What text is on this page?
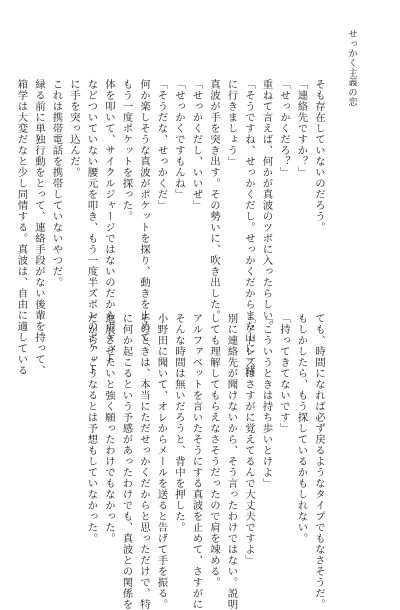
せっかく主義の恋
そも存在していないのだろう。
「連絡先ですか？」
「せっかくだろ？」
重ねて言えば、何かが真波のツボに入ったらしい。
「そうですね、せっかくだし。せっかくだからまた山に一緒
に行きましょう」
真波が手を突き出す。その勢いに、吹き出した。
「せっかくだし、いいぜ」
「せっかくですもんね」
「そうだな、せっかくだ」
何か楽しそうな真波がポケットを探り、動きを止めて、
もう一度ポケットを探った。
体を叩いて、サイクルジャージではないのだからポケット
などついていない腰元を叩き、もう一度半ズボンのポケット
に手を突っ込んだ。
これは携帯電話を携帯していないやつだ。
緑る前に単独行動をとって、連絡手段がない後輩を持って、
箱学は大変だなと少し同情する。真波は、自由に適している
ても、時間になれば必ず戻るようなタイプでもなさそうだ。
もしかしたら、もう探しているかもしれない。
「持ってきてないです」
「こういうときは持ち歩いとけよ」
「アドレスはさすがに覚えてるんで大丈夫ですよ」
別に連絡先が聞けないから、そう言ったわけではない。説明
しても理解してもらえなさそうだったので肩を竦める。
アルファベットを言いたそうにする真波を止めて、さすがに
そんな時間は無いだろうと、背中を押した。
小野田に聞いて、オレからメールを送ると告げて手を振る。
そのときは、本当にただせっかくだからと思っただけで、特
に何か起こるという予感があったわけでも、真波との関係を
進展させたいと強く願ったわけでもなかった。
だから、こうなるとは予想もしていなかった。
